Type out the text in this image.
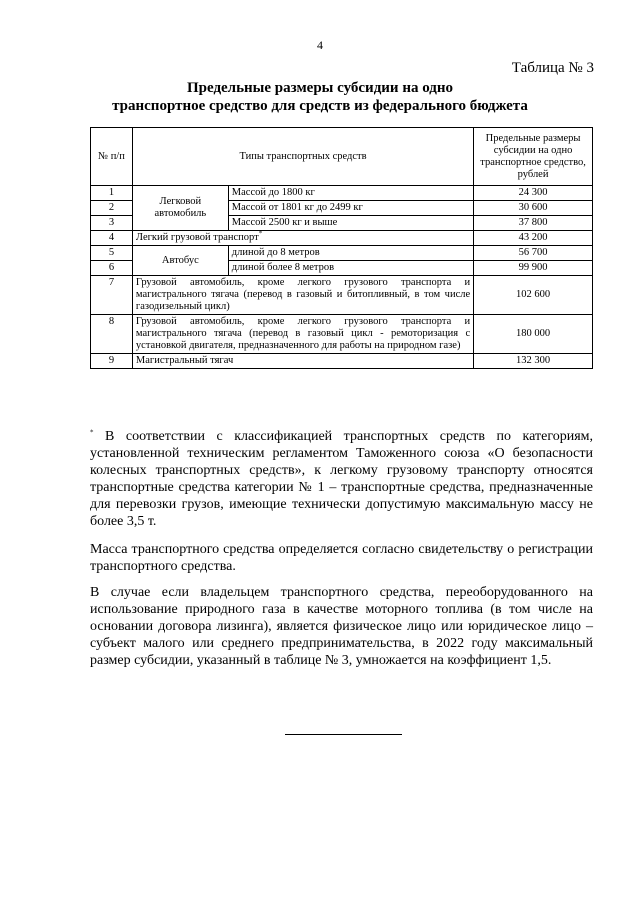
4
Таблица № 3
Предельные размеры субсидии на одно
транспортное средство для средств из федерального бюджета
№ п/п	Типы транспортных средств		Предельные размеры субсидии на одно транспортное средство, рублей
1	Легковой автомобиль	Массой до 1800 кг	24 300
2		Массой от 1801 кг до 2499 кг	30 600
3		Массой 2500 кг и выше	37 800
4	Легкий грузовой транспорт*		43 200
5	Автобус	длиной до 8 метров	56 700
6		длиной более 8 метров	99 900
7	Грузовой автомобиль, кроме легкого грузового транспорта и магистрального тягача (перевод в газовый и битопливный, в том числе газодизельный цикл)		102 600
8	Грузовой автомобиль, кроме легкого грузового транспорта и магистрального тягача (перевод в газовый цикл - ремоторизация с установкой двигателя, предназначенного для работы на природном газе)		180 000
9	Магистральный тягач		132 300

* В соответствии с классификацией транспортных средств по категориям, установленной техническим регламентом Таможенного союза «О безопасности колесных транспортных средств», к легкому грузовому транспорту относятся транспортные средства категории № 1 – транспортные средства, предназначенные для перевозки грузов, имеющие технически допустимую максимальную массу не более 3,5 т.

Масса транспортного средства определяется согласно свидетельству о регистрации транспортного средства.

В случае если владельцем транспортного средства, переоборудованного на использование природного газа в качестве моторного топлива (в том числе на основании договора лизинга), является физическое лицо или юридическое лицо – субъект малого или среднего предпринимательства, в 2022 году максимальный размер субсидии, указанный в таблице № 3, умножается на коэффициент 1,5.
